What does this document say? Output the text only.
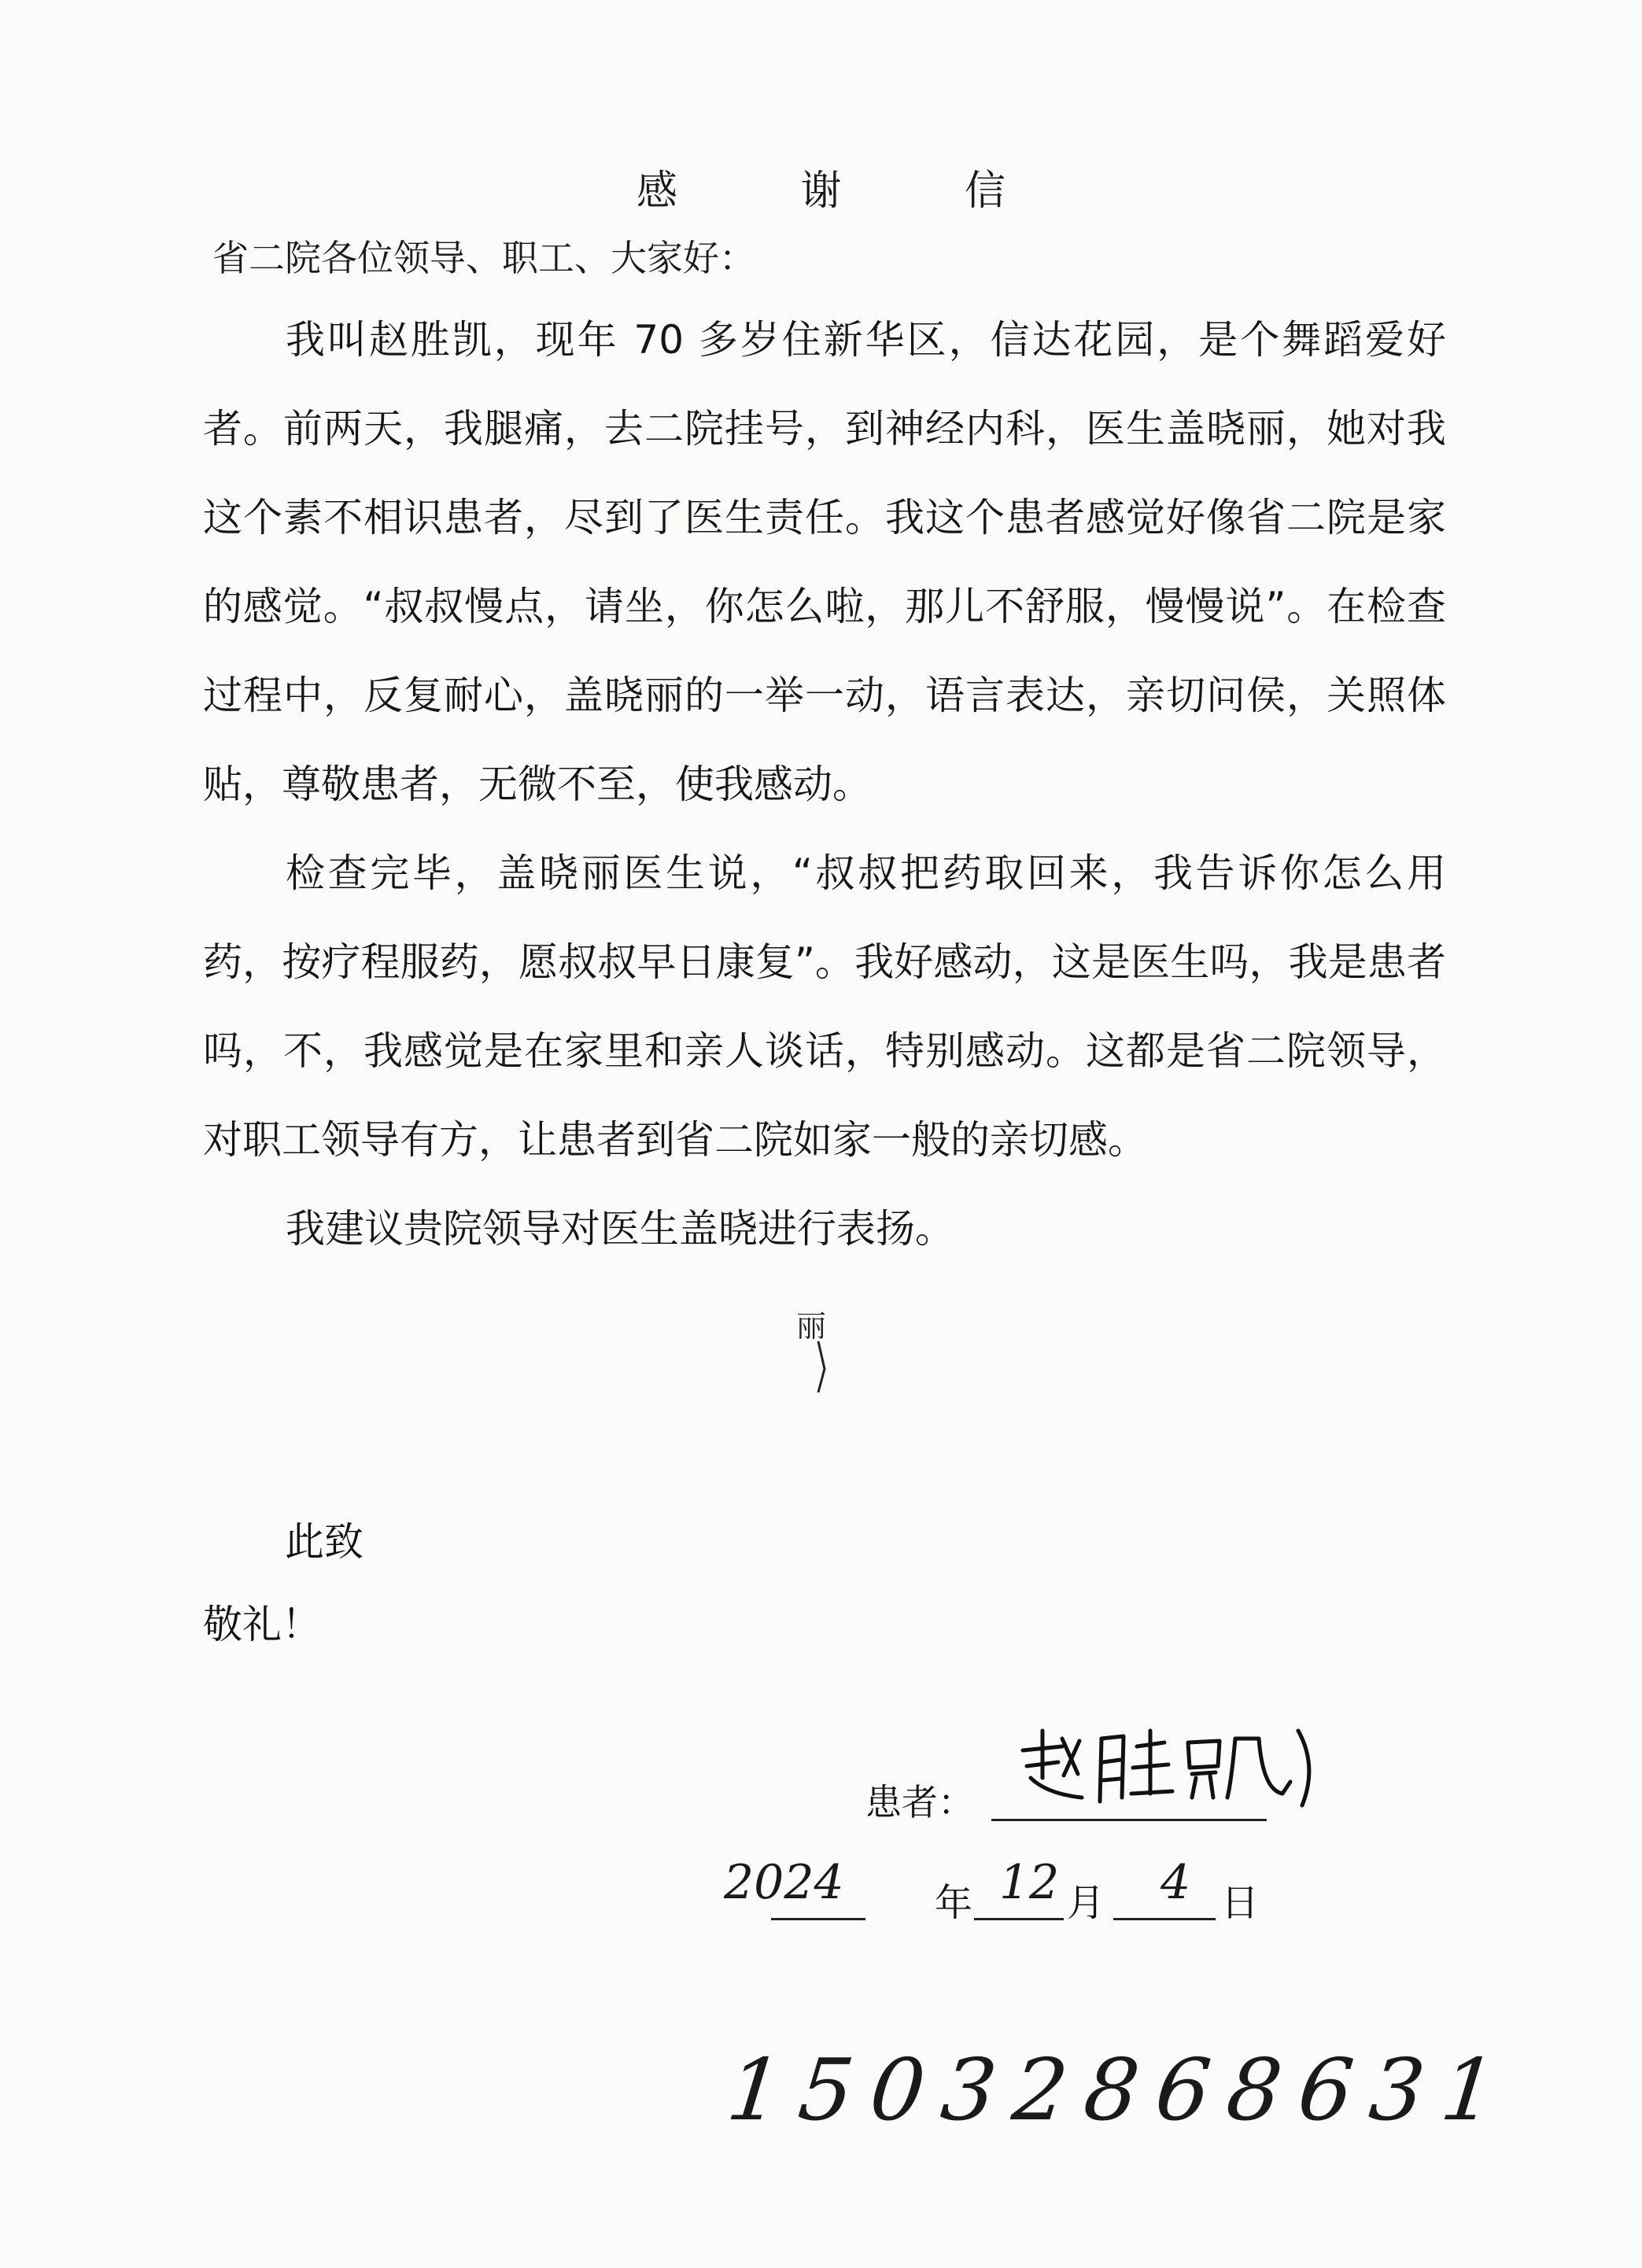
感 谢 信
省二院各位领导、职工、大家好：

我叫赵胜凯，现年 70 多岁住新华区，信达花园，是个舞蹈爱好者。前两天，我腿痛，去二院挂号，到神经内科，医生盖晓丽，她对我这个素不相识患者，尽到了医生责任。我这个患者感觉好像省二院是家的感觉。“叔叔慢点，请坐，你怎么啦，那儿不舒服，慢慢说”。在检查过程中，反复耐心，盖晓丽的一举一动，语言表达，亲切问侯，关照体贴，尊敬患者，无微不至，使我感动。

检查完毕，盖晓丽医生说，“叔叔把药取回来，我告诉你怎么用药，按疗程服药，愿叔叔早日康复”。我好感动，这是医生吗，我是患者吗，不，我感觉是在家里和亲人谈话，特别感动。这都是省二院领导，对职工领导有方，让患者到省二院如家一般的亲切感。

我建议贵院领导对医生盖晓进行表扬。

丽
此致
敬礼！
患者：
2024 年 12 月 4 日
15032868631
